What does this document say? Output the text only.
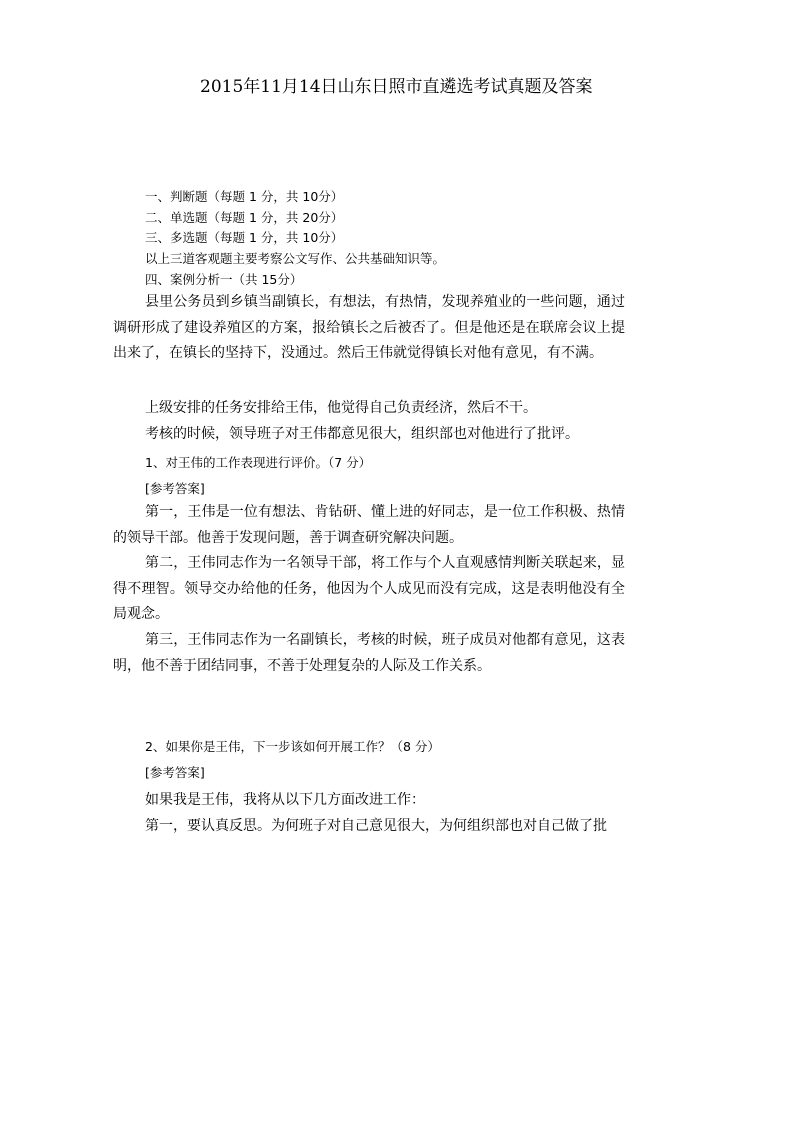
2015年11月14日山东日照市直遴选考试真题及答案
一、判断题（每题 1 分，共 10分）
二、单选题（每题 1 分，共 20分）
三、多选题（每题 1 分，共 10分）
以上三道客观题主要考察公文写作、公共基础知识等。
四、案例分析一（共 15分）
县里公务员到乡镇当副镇长，有想法，有热情，发现养殖业的一些问题，通过调研形成了建设养殖区的方案，报给镇长之后被否了。但是他还是在联席会议上提出来了，在镇长的坚持下，没通过。然后王伟就觉得镇长对他有意见，有不满。
上级安排的任务安排给王伟，他觉得自己负责经济，然后不干。
考核的时候，领导班子对王伟都意见很大，组织部也对他进行了批评。
1、对王伟的工作表现进行评价。（7 分）
[参考答案]
第一，王伟是一位有想法、肯钻研、懂上进的好同志，是一位工作积极、热情的领导干部。他善于发现问题，善于调查研究解决问题。
第二，王伟同志作为一名领导干部，将工作与个人直观感情判断关联起来，显得不理智。领导交办给他的任务，他因为个人成见而没有完成，这是表明他没有全局观念。
第三，王伟同志作为一名副镇长，考核的时候，班子成员对他都有意见，这表明，他不善于团结同事，不善于处理复杂的人际及工作关系。
2、如果你是王伟，下一步该如何开展工作？（8 分）
[参考答案]
如果我是王伟，我将从以下几方面改进工作：
第一，要认真反思。为何班子对自己意见很大，为何组织部也对自己做了批
